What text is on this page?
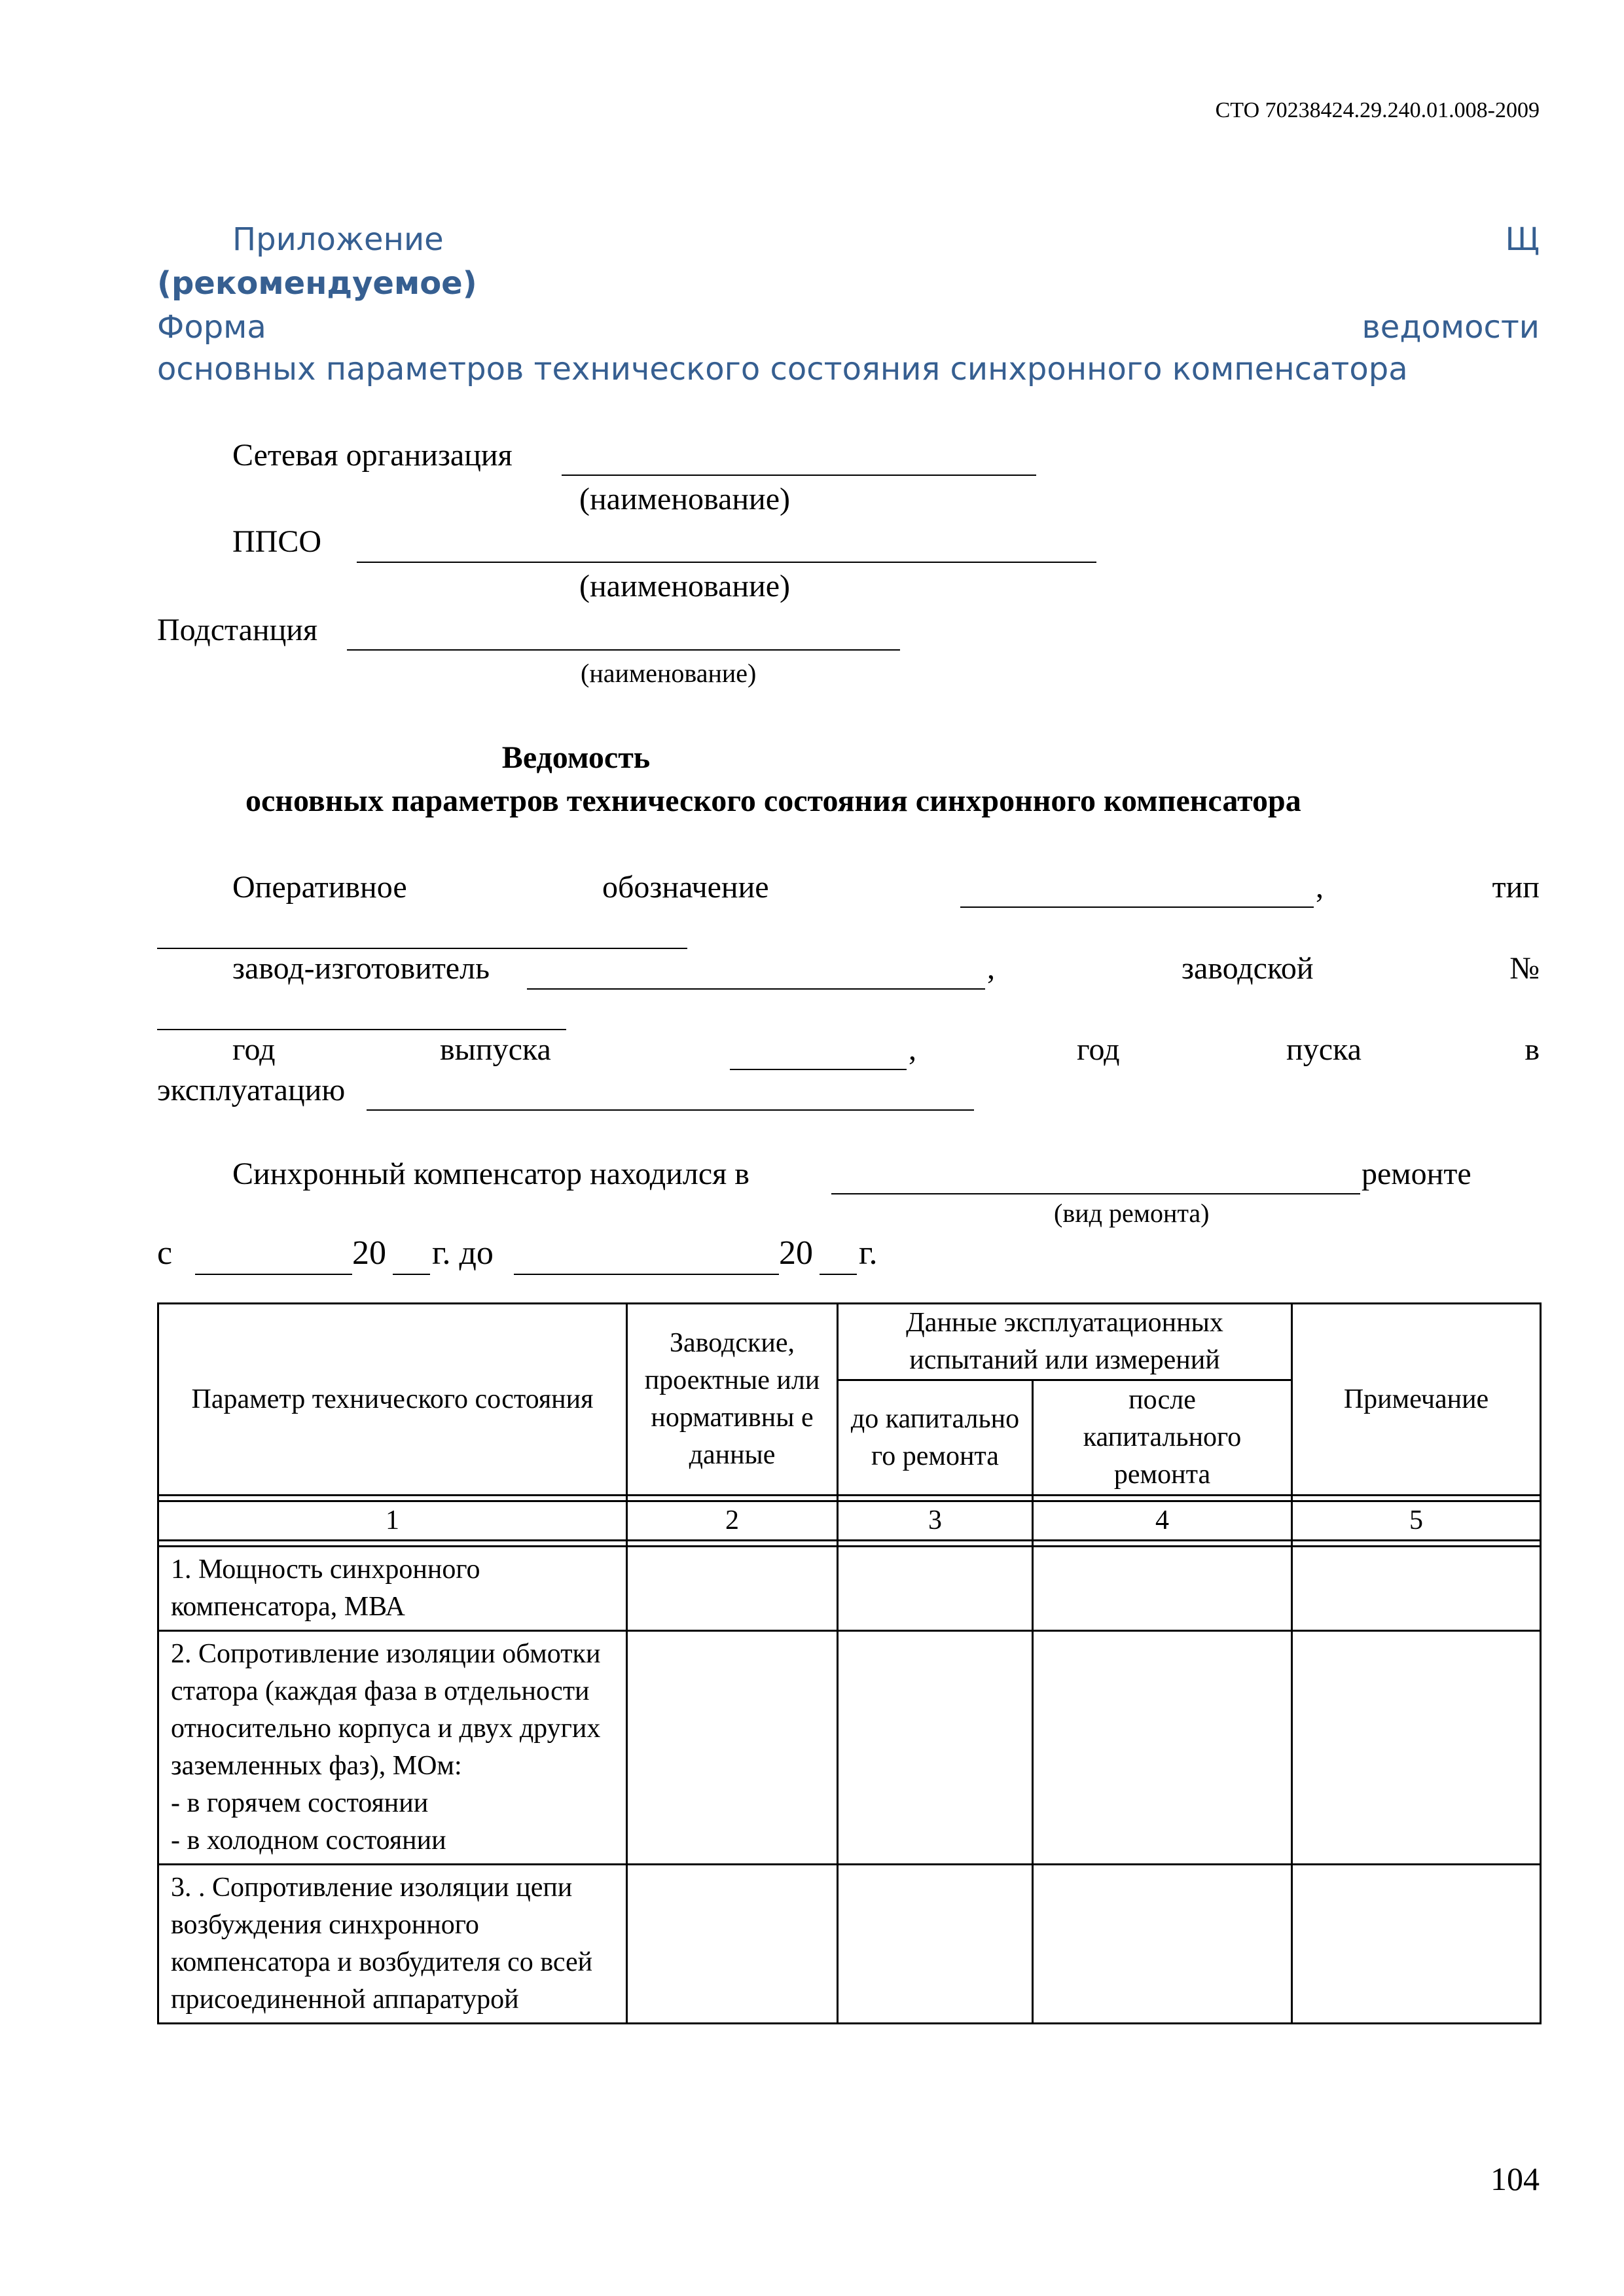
СТО 70238424.29.240.01.008-2009
Приложение	Щ
(рекомендуемое)
Форма	ведомости
основных параметров технического состояния синхронного компенсатора
Сетевая организация
(наименование)
ППСО
(наименование)
Подстанция
(наименование)
Ведомость
основных параметров технического состояния синхронного компенсатора
Оперативное	обозначение	,	тип
завод-изготовитель	,	заводской	№
год	выпуска	,	год	пуска	в
эксплуатацию
Синхронный компенсатор находился в	ремонте
(вид ремонта)
с	20 г. до	20 г.
Параметр технического состояния	Заводские, проектные или нормативны е данные	Данные эксплуатационных испытаний или измерений		Примечание
		до капитально го ремонта	после капитального ремонта	

1	2	3	4	5

1. Мощность синхронного компенсатора, МВА				
2. Сопротивление изоляции обмотки статора (каждая фаза в отдельности относительно корпуса и двух других заземленных фаз), МОм:
- в горячем состоянии
- в холодном состоянии				
3. . Сопротивление изоляции цепи возбуждения синхронного компенсатора и возбудителя со всей присоединенной аппаратурой				
104
